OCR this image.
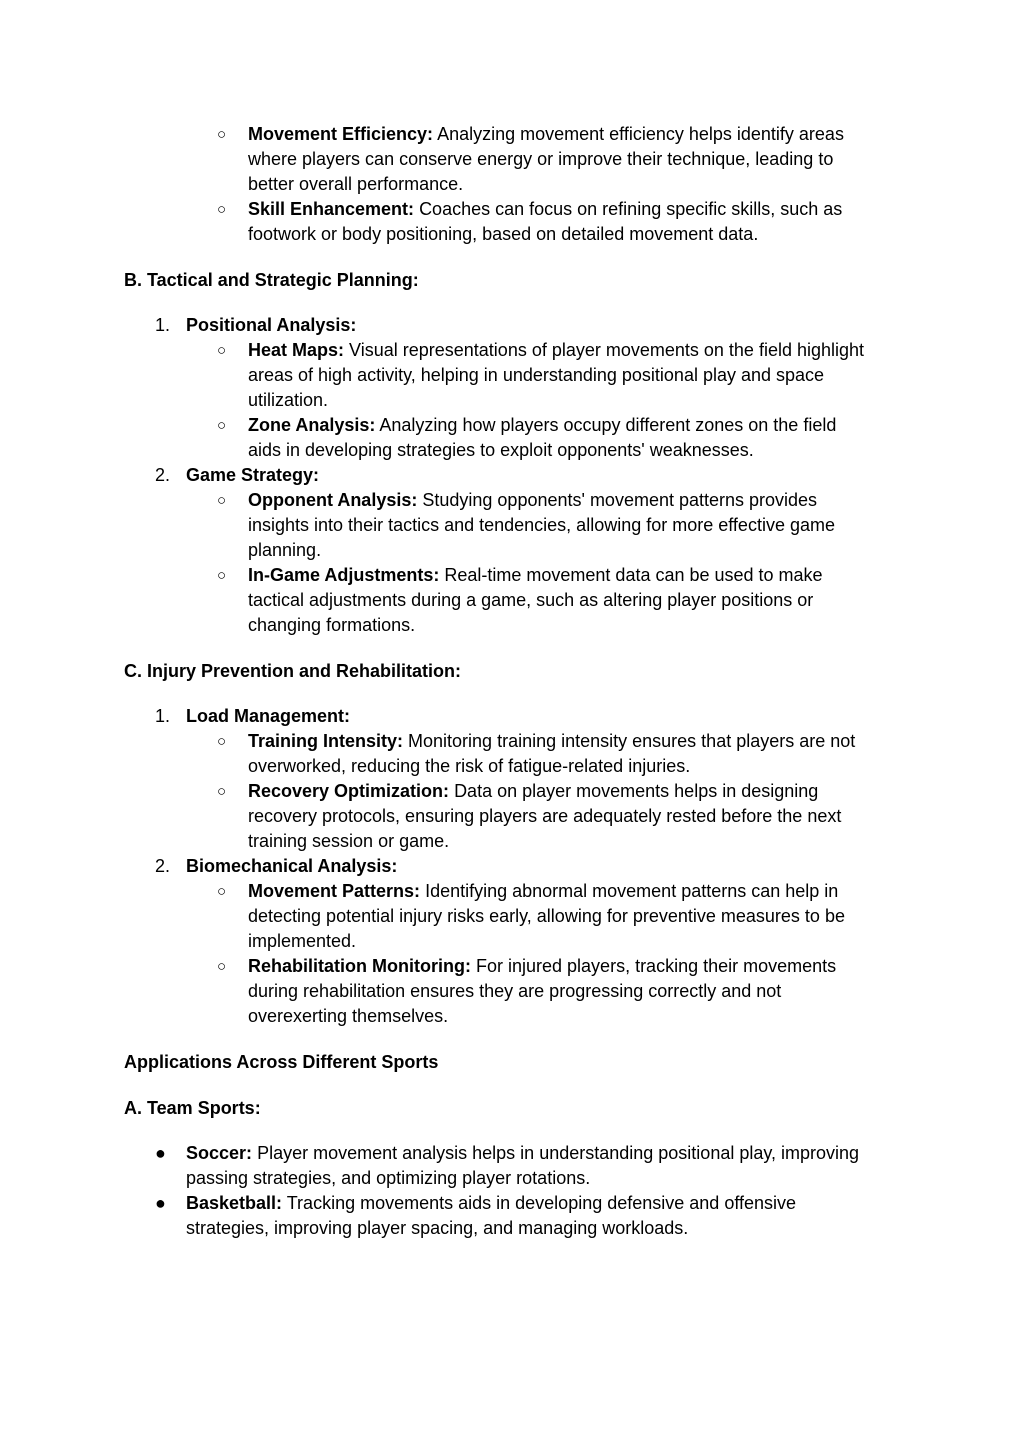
○ Movement Efficiency: Analyzing movement efficiency helps identify areas
where players can conserve energy or improve their technique, leading to
better overall performance.
○ Skill Enhancement: Coaches can focus on refining specific skills, such as
footwork or body positioning, based on detailed movement data.
B. Tactical and Strategic Planning:
1. Positional Analysis:
○ Heat Maps: Visual representations of player movements on the field highlight
areas of high activity, helping in understanding positional play and space
utilization.
○ Zone Analysis: Analyzing how players occupy different zones on the field
aids in developing strategies to exploit opponents' weaknesses.
2. Game Strategy:
○ Opponent Analysis: Studying opponents' movement patterns provides
insights into their tactics and tendencies, allowing for more effective game
planning.
○ In-Game Adjustments: Real-time movement data can be used to make
tactical adjustments during a game, such as altering player positions or
changing formations.
C. Injury Prevention and Rehabilitation:
1. Load Management:
○ Training Intensity: Monitoring training intensity ensures that players are not
overworked, reducing the risk of fatigue-related injuries.
○ Recovery Optimization: Data on player movements helps in designing
recovery protocols, ensuring players are adequately rested before the next
training session or game.
2. Biomechanical Analysis:
○ Movement Patterns: Identifying abnormal movement patterns can help in
detecting potential injury risks early, allowing for preventive measures to be
implemented.
○ Rehabilitation Monitoring: For injured players, tracking their movements
during rehabilitation ensures they are progressing correctly and not
overexerting themselves.
Applications Across Different Sports
A. Team Sports:
● Soccer: Player movement analysis helps in understanding positional play, improving
passing strategies, and optimizing player rotations.
● Basketball: Tracking movements aids in developing defensive and offensive
strategies, improving player spacing, and managing workloads.
